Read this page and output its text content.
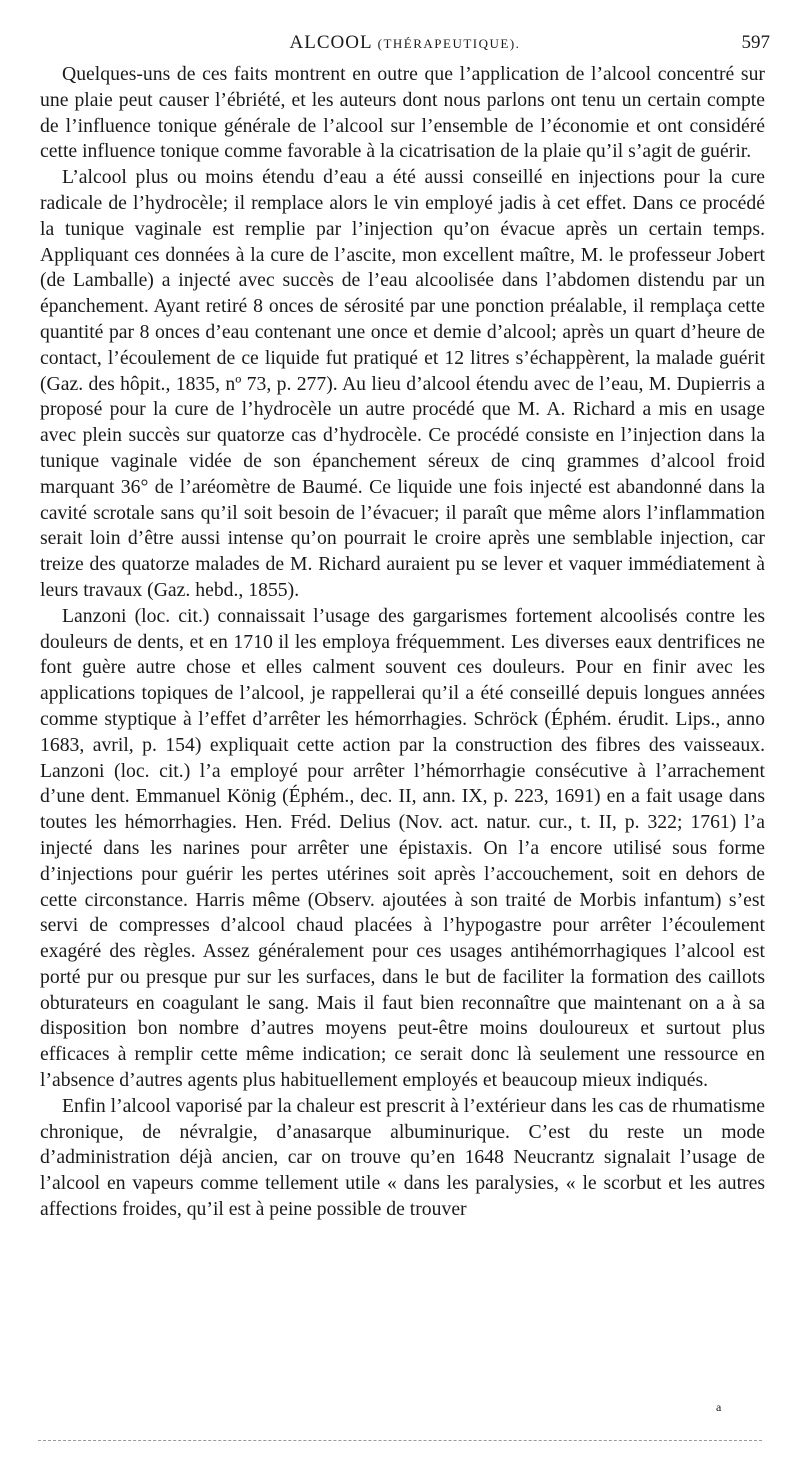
ALCOOL (THÉRAPEUTIQUE).	597

Quelques-uns de ces faits montrent en outre que l’application de l’alcool concentré sur une plaie peut causer l’ébriété, et les auteurs dont nous parlons ont tenu un certain compte de l’influence tonique générale de l’alcool sur l’ensemble de l’économie et ont considéré cette influence tonique comme favorable à la cicatrisation de la plaie qu’il s’agit de guérir.

L’alcool plus ou moins étendu d’eau a été aussi conseillé en injections pour la cure radicale de l’hydrocèle; il remplace alors le vin employé jadis à cet effet. Dans ce procédé la tunique vaginale est remplie par l’injection qu’on évacue après un certain temps. Appliquant ces données à la cure de l’ascite, mon excellent maître, M. le professeur Jobert (de Lamballe) a injecté avec succès de l’eau alcoolisée dans l’abdomen distendu par un épanchement. Ayant retiré 8 onces de sérosité par une ponction préalable, il remplaça cette quantité par 8 onces d’eau contenant une once et demie d’alcool; après un quart d’heure de contact, l’écoulement de ce liquide fut pratiqué et 12 litres s’échappèrent, la malade guérit (Gaz. des hôpit., 1835, nº 73, p. 277). Au lieu d’alcool étendu avec de l’eau, M. Dupierris a proposé pour la cure de l’hydrocèle un autre procédé que M. A. Richard a mis en usage avec plein succès sur quatorze cas d’hydrocèle. Ce procédé consiste en l’injection dans la tunique vaginale vidée de son épanchement séreux de cinq grammes d’alcool froid marquant 36° de l’aréomètre de Baumé. Ce liquide une fois injecté est abandonné dans la cavité scrotale sans qu’il soit besoin de l’évacuer; il paraît que même alors l’inflammation serait loin d’être aussi intense qu’on pourrait le croire après une semblable injection, car treize des quatorze malades de M. Richard auraient pu se lever et vaquer immédiatement à leurs travaux (Gaz. hebd., 1855).

Lanzoni (loc. cit.) connaissait l’usage des gargarismes fortement alcoolisés contre les douleurs de dents, et en 1710 il les employa fréquemment. Les diverses eaux dentrifices ne font guère autre chose et elles calment souvent ces douleurs. Pour en finir avec les applications topiques de l’alcool, je rappellerai qu’il a été conseillé depuis longues années comme styptique à l’effet d’arrêter les hémorrhagies. Schröck (Éphém. érudit. Lips., anno 1683, avril, p. 154) expliquait cette action par la construction des fibres des vaisseaux. Lanzoni (loc. cit.) l’a employé pour arrêter l’hémorrhagie consécutive à l’arrachement d’une dent. Emmanuel König (Éphém., dec. II, ann. IX, p. 223, 1691) en a fait usage dans toutes les hémorrhagies. Hen. Fréd. Delius (Nov. act. natur. cur., t. II, p. 322; 1761) l’a injecté dans les narines pour arrêter une épistaxis. On l’a encore utilisé sous forme d’injections pour guérir les pertes utérines soit après l’accouchement, soit en dehors de cette circonstance. Harris même (Observ. ajoutées à son traité de Morbis infantum) s’est servi de compresses d’alcool chaud placées à l’hypogastre pour arrêter l’écoulement exagéré des règles. Assez généralement pour ces usages antihémorrhagiques l’alcool est porté pur ou presque pur sur les surfaces, dans le but de faciliter la formation des caillots obturateurs en coagulant le sang. Mais il faut bien reconnaître que maintenant on a à sa disposition bon nombre d’autres moyens peut-être moins douloureux et surtout plus efficaces à remplir cette même indication; ce serait donc là seulement une ressource en l’absence d’autres agents plus habituellement employés et beaucoup mieux indiqués.

Enfin l’alcool vaporisé par la chaleur est prescrit à l’extérieur dans les cas de rhumatisme chronique, de névralgie, d’anasarque albuminurique. C’est du reste un mode d’administration déjà ancien, car on trouve qu’en 1648 Neucrantz signalait l’usage de l’alcool en vapeurs comme tellement utile « dans les paralysies, « le scorbut et les autres affections froides, qu’il est à peine possible de trouver

a
